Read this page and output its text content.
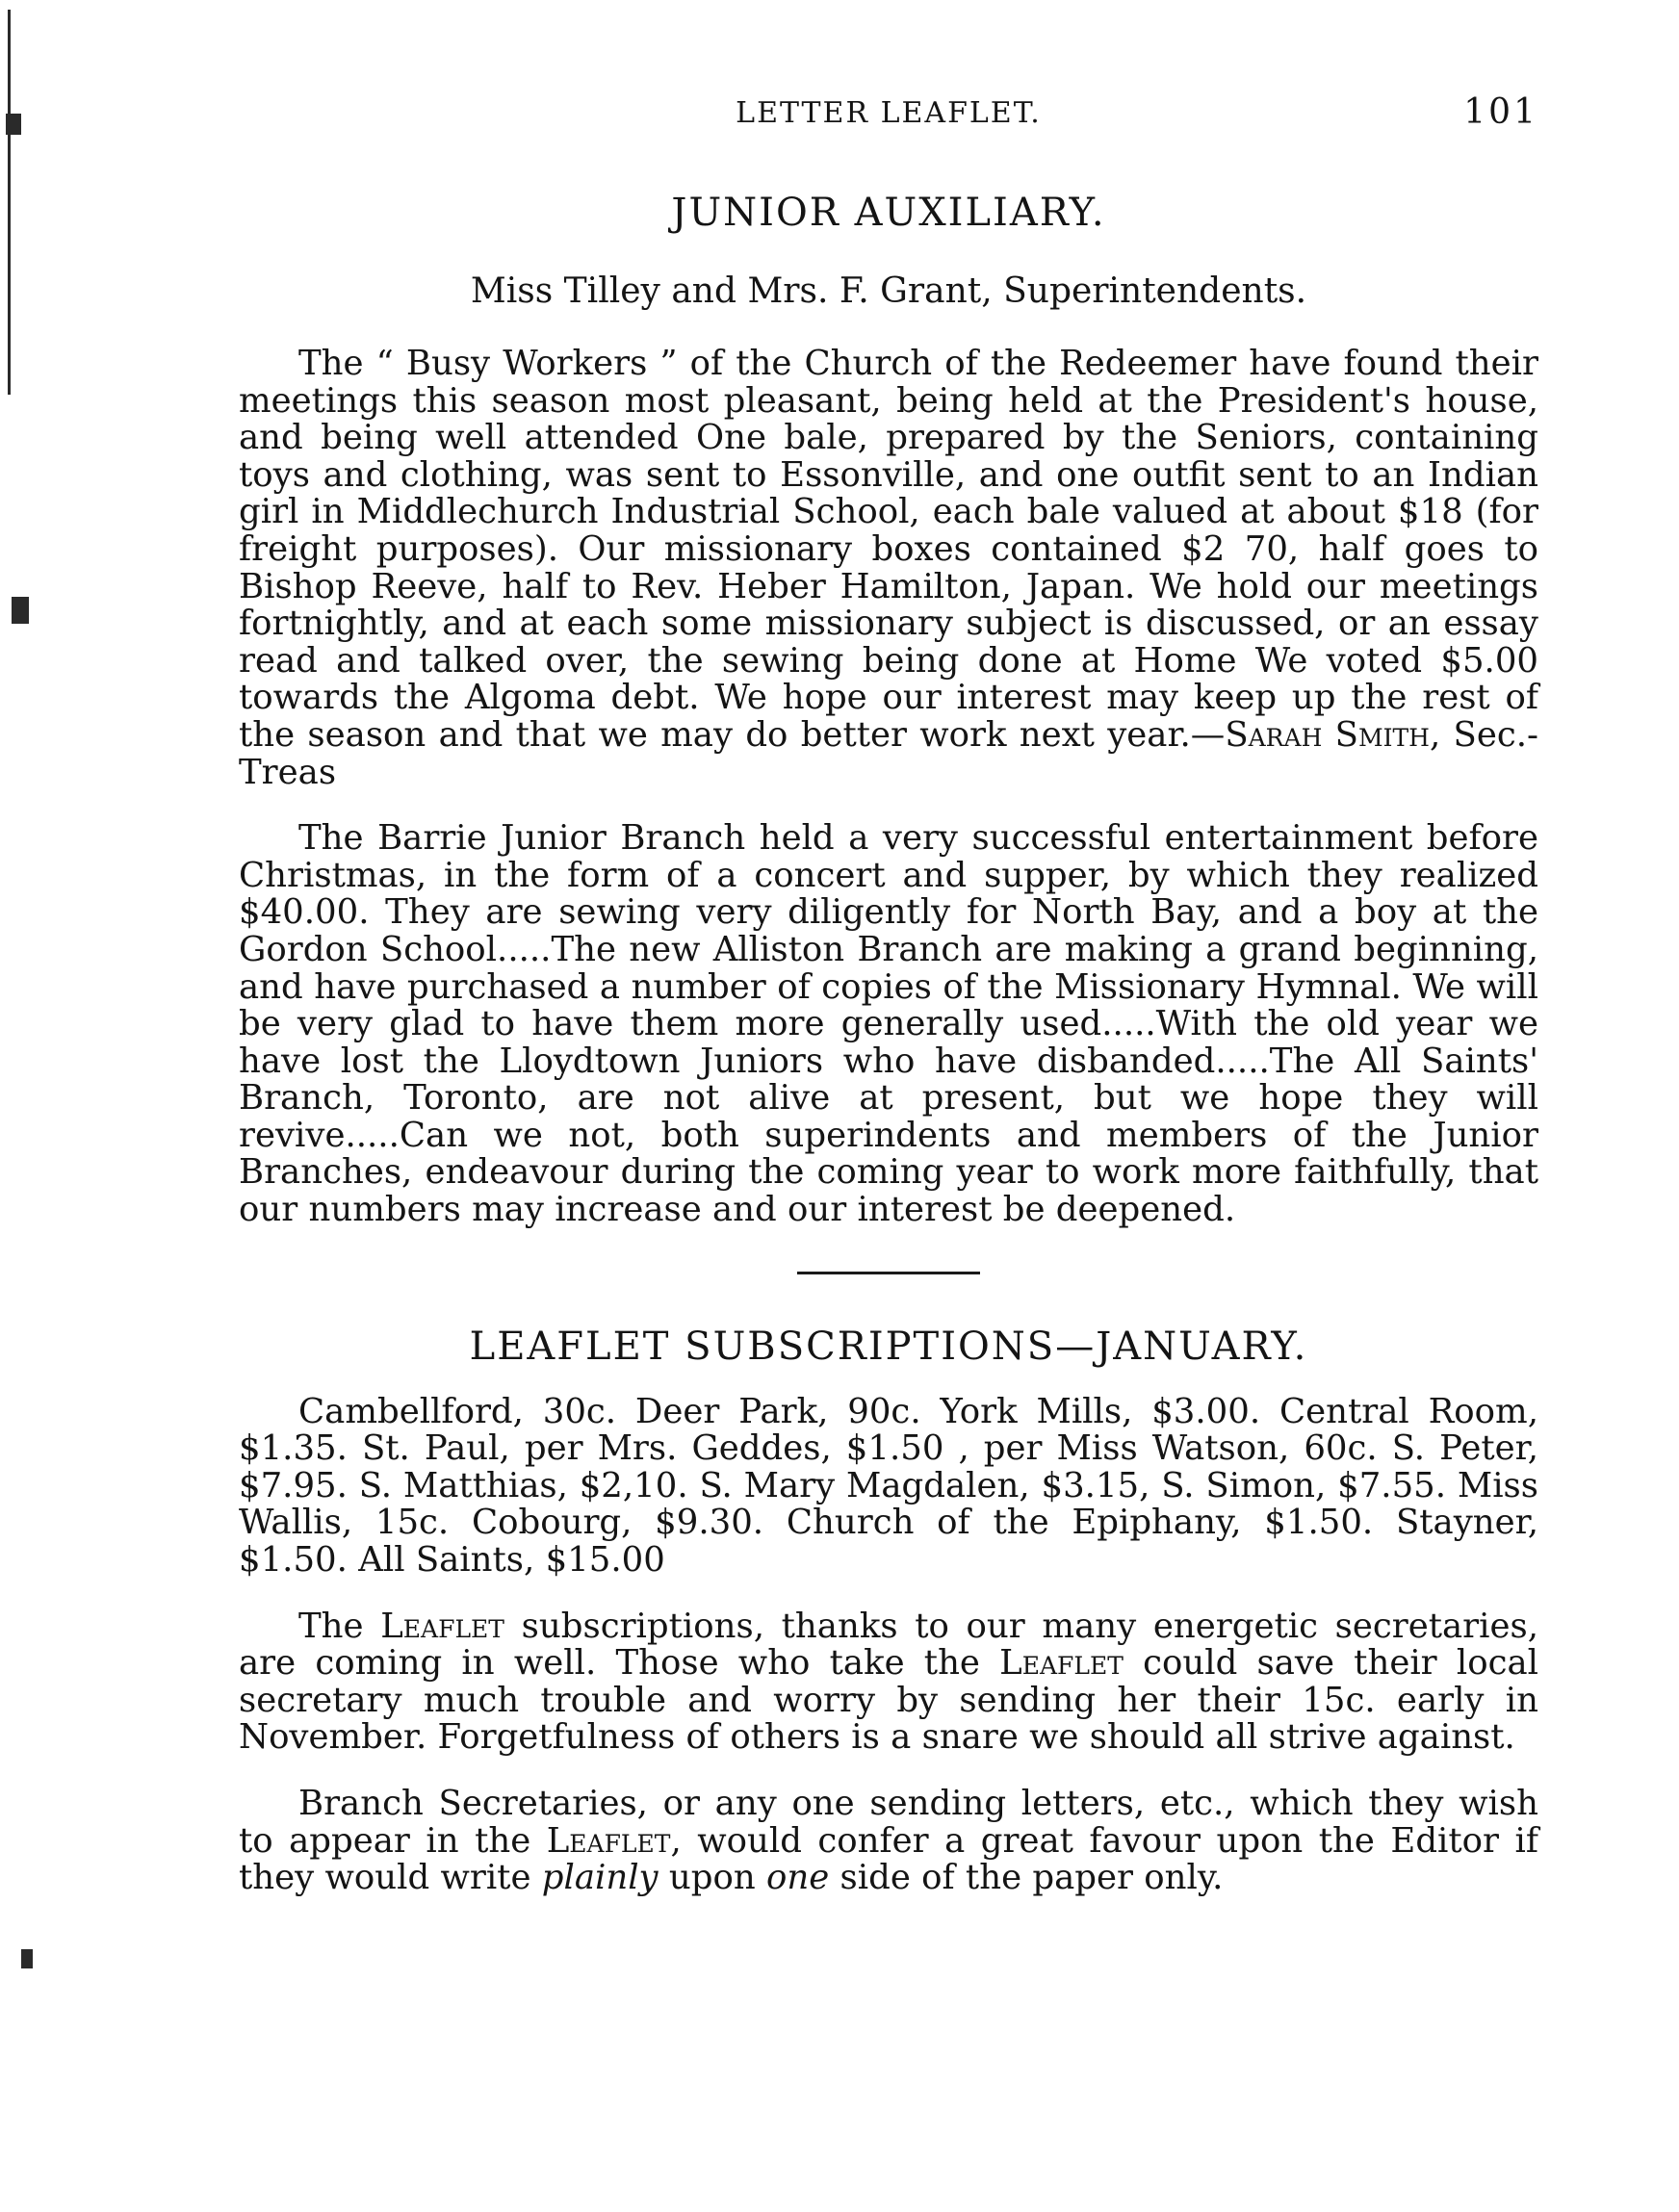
LETTER LEAFLET.	101
JUNIOR AUXILIARY.
Miss Tilley and Mrs. F. Grant, Superintendents.

The “ Busy Workers ” of the Church of the Redeemer have found their meetings this season most pleasant, being held at the President's house, and being well attended One bale, prepared by the Seniors, containing toys and clothing, was sent to Essonville, and one outfit sent to an Indian girl in Middlechurch Industrial School, each bale valued at about $18 (for freight purposes). Our missionary boxes contained $2 70, half goes to Bishop Reeve, half to Rev. Heber Hamilton, Japan. We hold our meetings fortnightly, and at each some missionary subject is discussed, or an essay read and talked over, the sewing being done at Home We voted $5.00 towards the Algoma debt. We hope our interest may keep up the rest of the season and that we may do better work next year.—Sarah Smith, Sec.-Treas

The Barrie Junior Branch held a very successful entertainment before Christmas, in the form of a concert and supper, by which they realized $40.00. They are sewing very diligently for North Bay, and a boy at the Gordon School.....The new Alliston Branch are making a grand beginning, and have purchased a number of copies of the Missionary Hymnal. We will be very glad to have them more generally used.....With the old year we have lost the Lloydtown Juniors who have disbanded.....The All Saints' Branch, Toronto, are not alive at present, but we hope they will revive.....Can we not, both superindents and members of the Junior Branches, endeavour during the coming year to work more faithfully, that our numbers may increase and our interest be deepened.

LEAFLET SUBSCRIPTIONS—JANUARY.

Cambellford, 30c. Deer Park, 90c. York Mills, $3.00. Central Room, $1.35. St. Paul, per Mrs. Geddes, $1.50 , per Miss Watson, 60c. S. Peter, $7.95. S. Matthias, $2,10. S. Mary Magdalen, $3.15, S. Simon, $7.55. Miss Wallis, 15c. Cobourg, $9.30. Church of the Epiphany, $1.50. Stayner, $1.50. All Saints, $15.00

The Leaflet subscriptions, thanks to our many energetic secretaries, are coming in well. Those who take the Leaflet could save their local secretary much trouble and worry by sending her their 15c. early in November. Forgetfulness of others is a snare we should all strive against.

Branch Secretaries, or any one sending letters, etc., which they wish to appear in the Leaflet, would confer a great favour upon the Editor if they would write plainly upon one side of the paper only.
